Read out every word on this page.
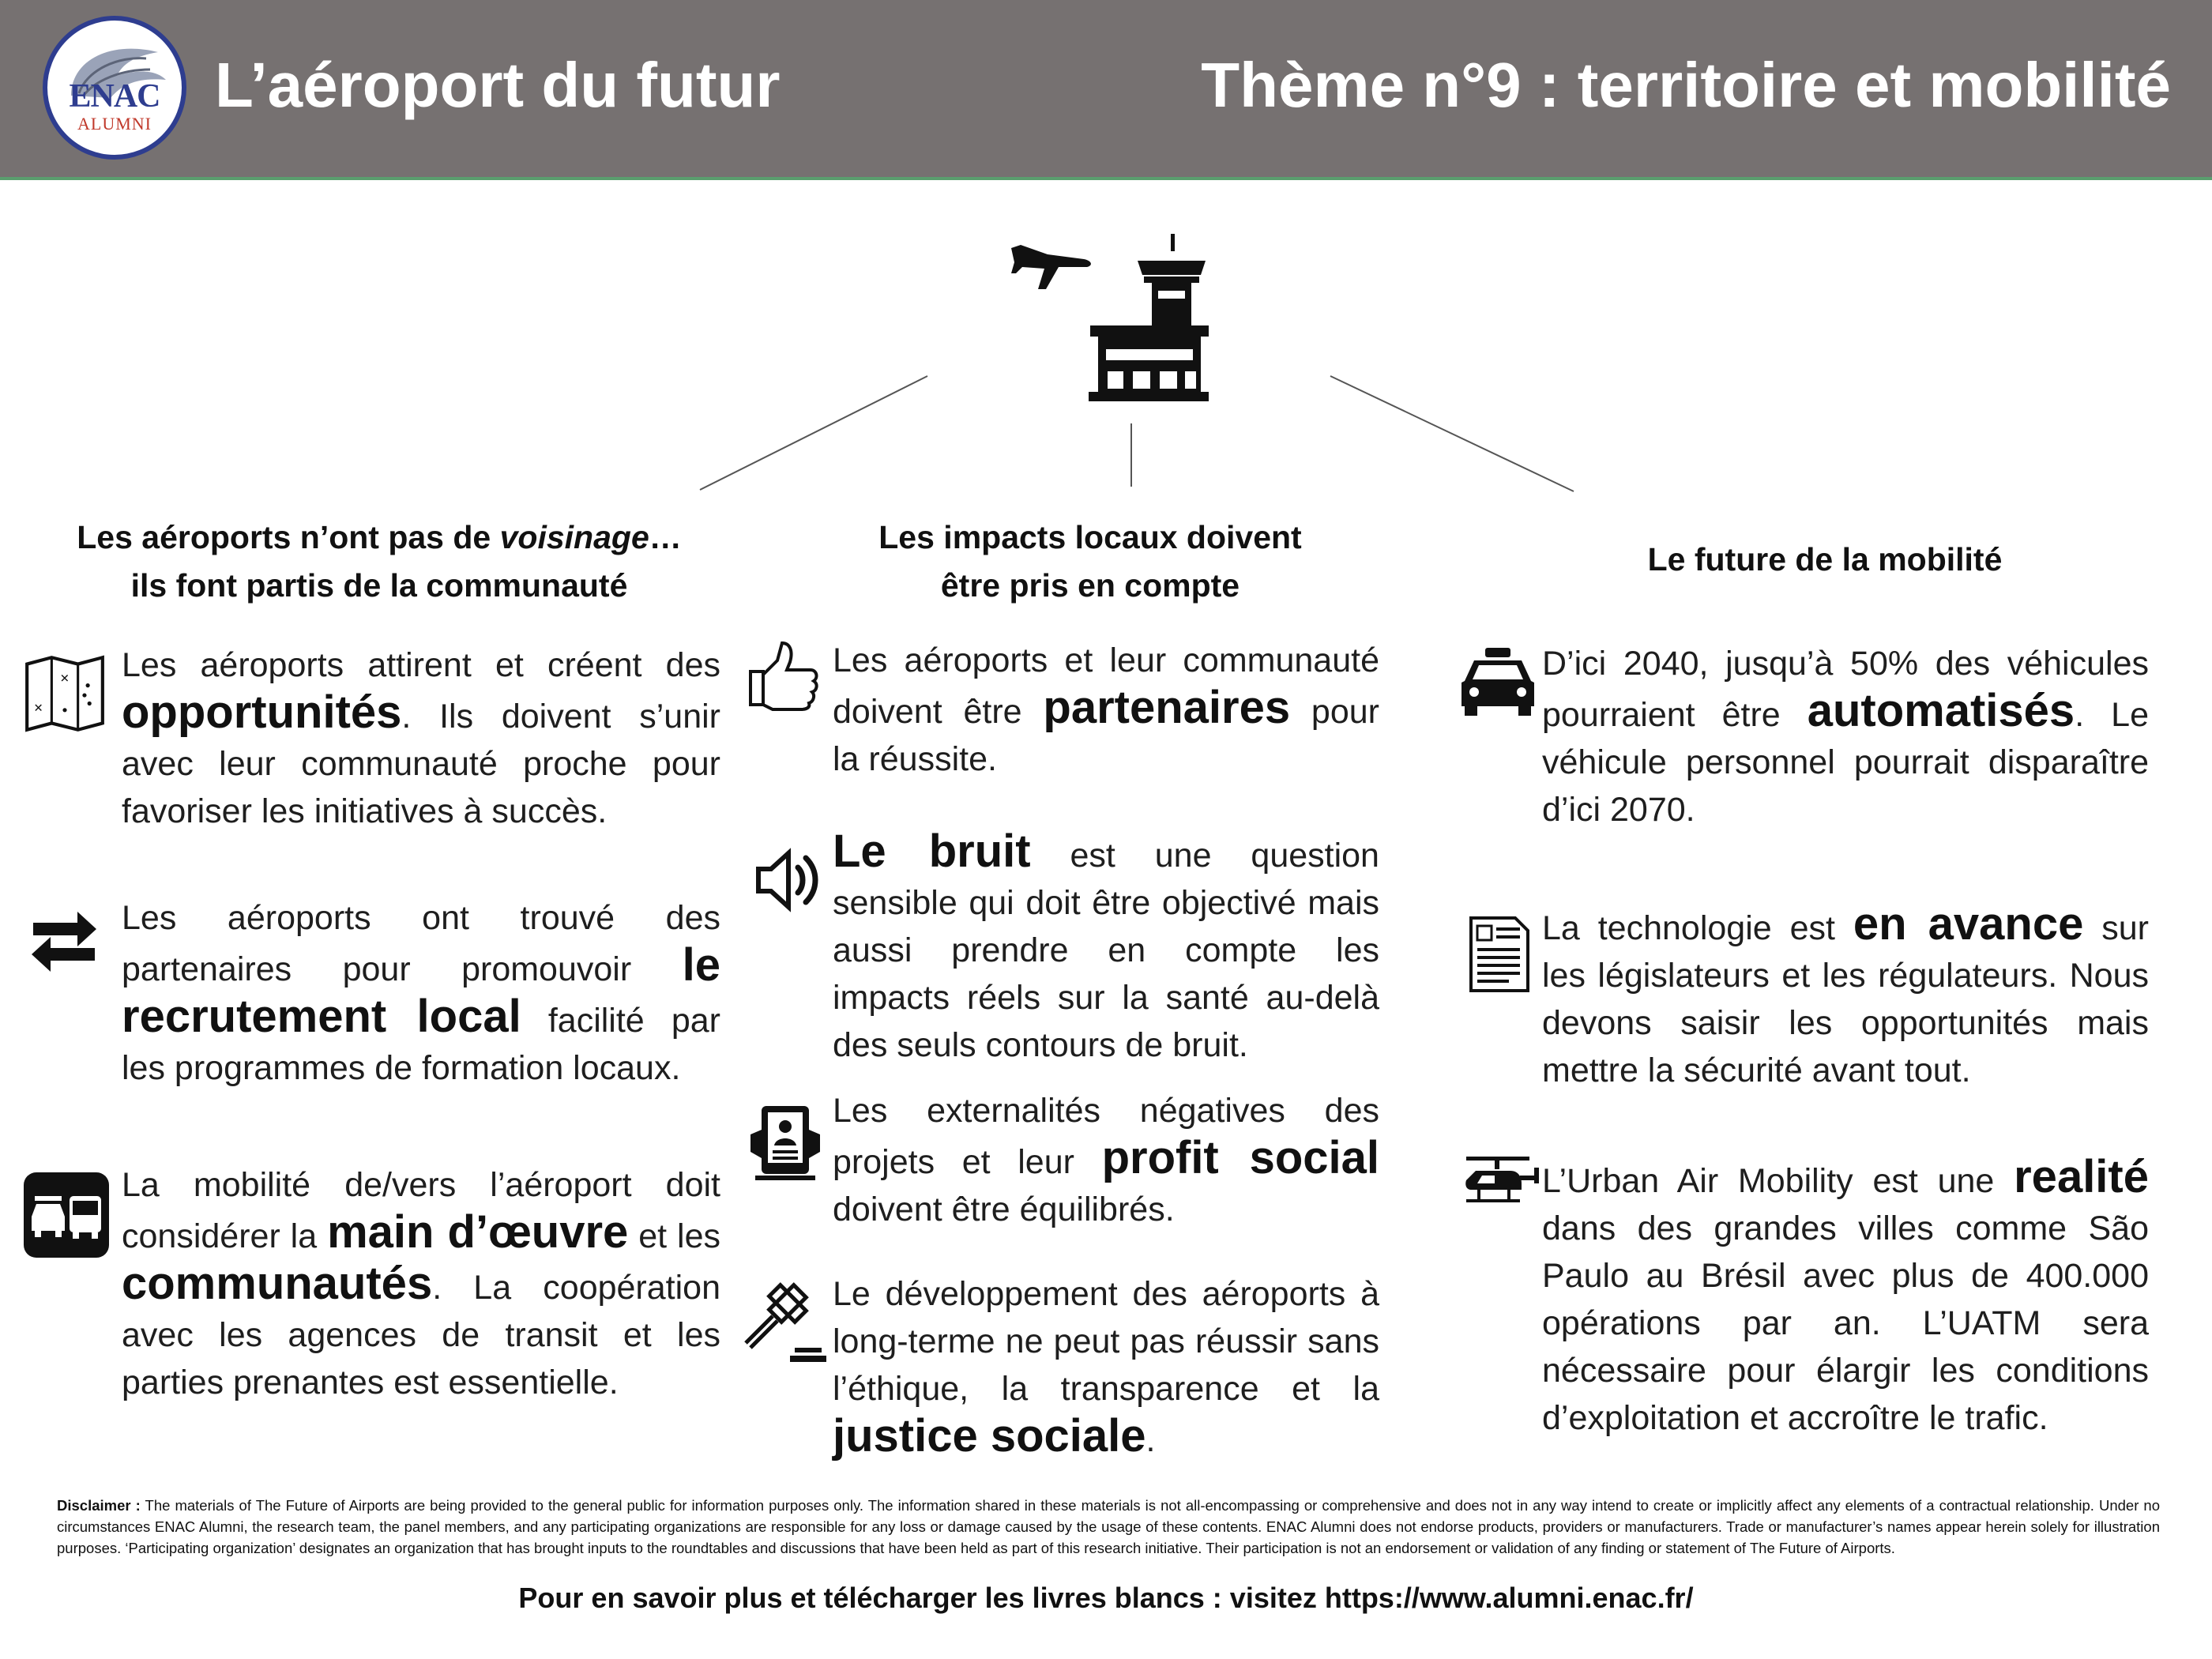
ENAC
ALUMNI
L’aéroport du futur	Thème n°9 : territoire et mobilité
Les aéroports n’ont pas de voisinage…
ils font partis de la communauté
✕
✕
Les aéroports attirent et créent des opportunités. Ils doivent s’unir avec leur communauté proche pour favoriser les initiatives à succès.
Les aéroports ont trouvé des partenaires pour promouvoir le recrutement local facilité par les programmes de formation locaux.
La mobilité de/vers l’aéroport doit considérer la main d’œuvre et les communautés. La coopération avec les agences de transit et les parties prenantes est essentielle.
Les impacts locaux doivent
être pris en compte
Les aéroports et leur communauté doivent être partenaires pour la réussite.
Le bruit est une question sensible qui doit être objectivé mais aussi prendre en compte les impacts réels sur la santé au-delà des seuls contours de bruit.
Les externalités négatives des projets et leur profit social doivent être équilibrés.
Le développement des aéroports à long-terme ne peut pas réussir sans l’éthique, la transparence et la justice sociale.
Le future de la mobilité
D’ici 2040, jusqu’à 50% des véhicules pourraient être automatisés. Le véhicule personnel pourrait disparaître d’ici 2070.
La technologie est en avance sur les législateurs et les régulateurs. Nous devons saisir les opportunités mais mettre la sécurité avant tout.
L’Urban Air Mobility est une realité dans des grandes villes comme São Paulo au Brésil avec plus de 400.000 opérations par an. L’UATM sera nécessaire pour élargir les conditions d’exploitation et accroître le trafic.
Disclaimer : The materials of The Future of Airports are being provided to the general public for information purposes only. The information shared in these materials is not all-encompassing or comprehensive and does not in any way intend to create or implicitly affect any elements of a contractual relationship. Under no circumstances ENAC Alumni, the research team, the panel members, and any participating organizations are responsible for any loss or damage caused by the usage of these contents. ENAC Alumni does not endorse products, providers or manufacturers. Trade or manufacturer’s names appear herein solely for illustration purposes. ‘Participating organization’ designates an organization that has brought inputs to the roundtables and discussions that have been held as part of this research initiative. Their participation is not an endorsement or validation of any finding or statement of The Future of Airports.
Pour en savoir plus et télécharger les livres blancs : visitez https://www.alumni.enac.fr/
